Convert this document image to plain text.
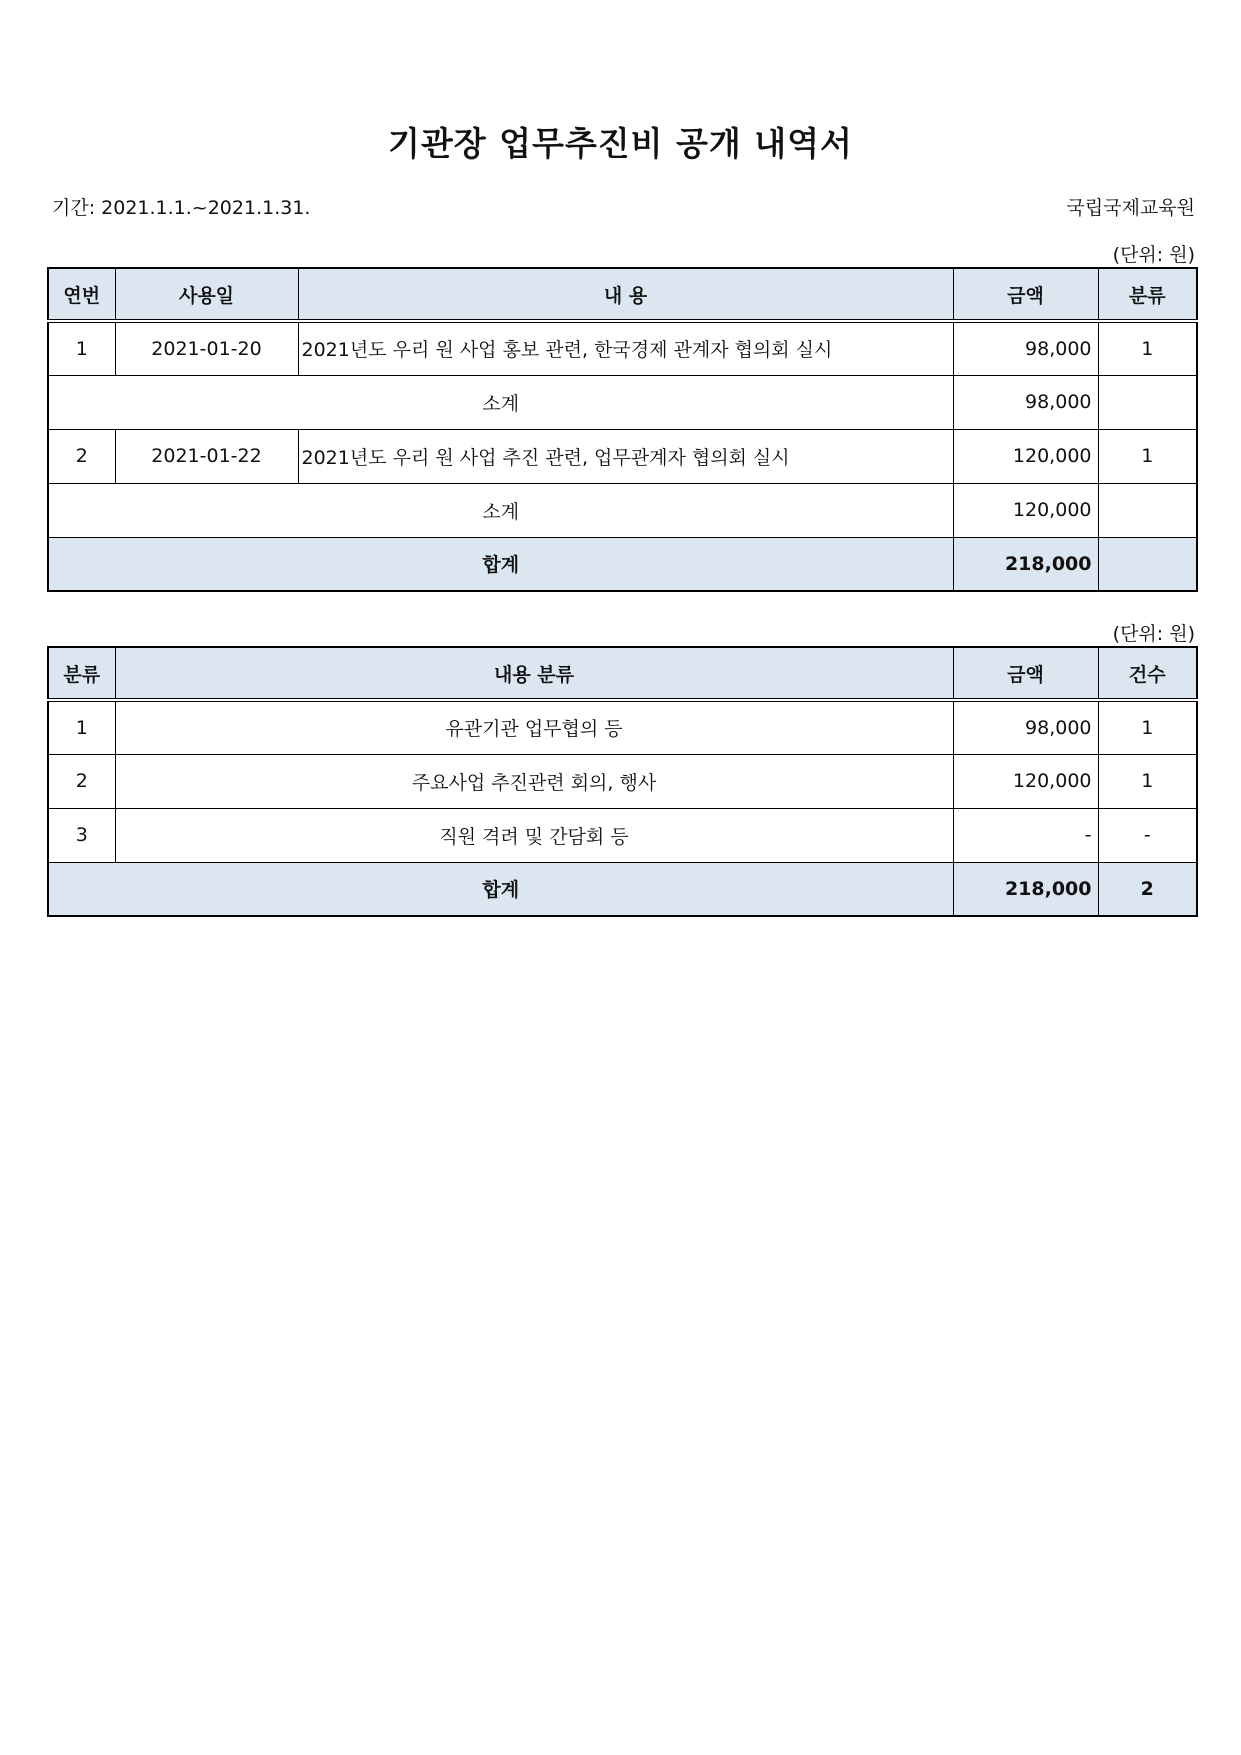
기관장 업무추진비 공개 내역서
기간: 2021.1.1.~2021.1.31.	국립국제교육원
(단위: 원)
연번	사용일	내 용	금액	분류
1	2021-01-20	2021년도 우리 원 사업 홍보 관련, 한국경제 관계자 협의회 실시	98,000	1
소계			98,000	
2	2021-01-22	2021년도 우리 원 사업 추진 관련, 업무관계자 협의회 실시	120,000	1
소계			120,000	
합계			218,000	
(단위: 원)
분류	내용 분류	금액	건수
1	유관기관 업무협의 등	98,000	1
2	주요사업 추진관련 회의, 행사	120,000	1
3	직원 격려 및 간담회 등	-	-
합계		218,000	2
